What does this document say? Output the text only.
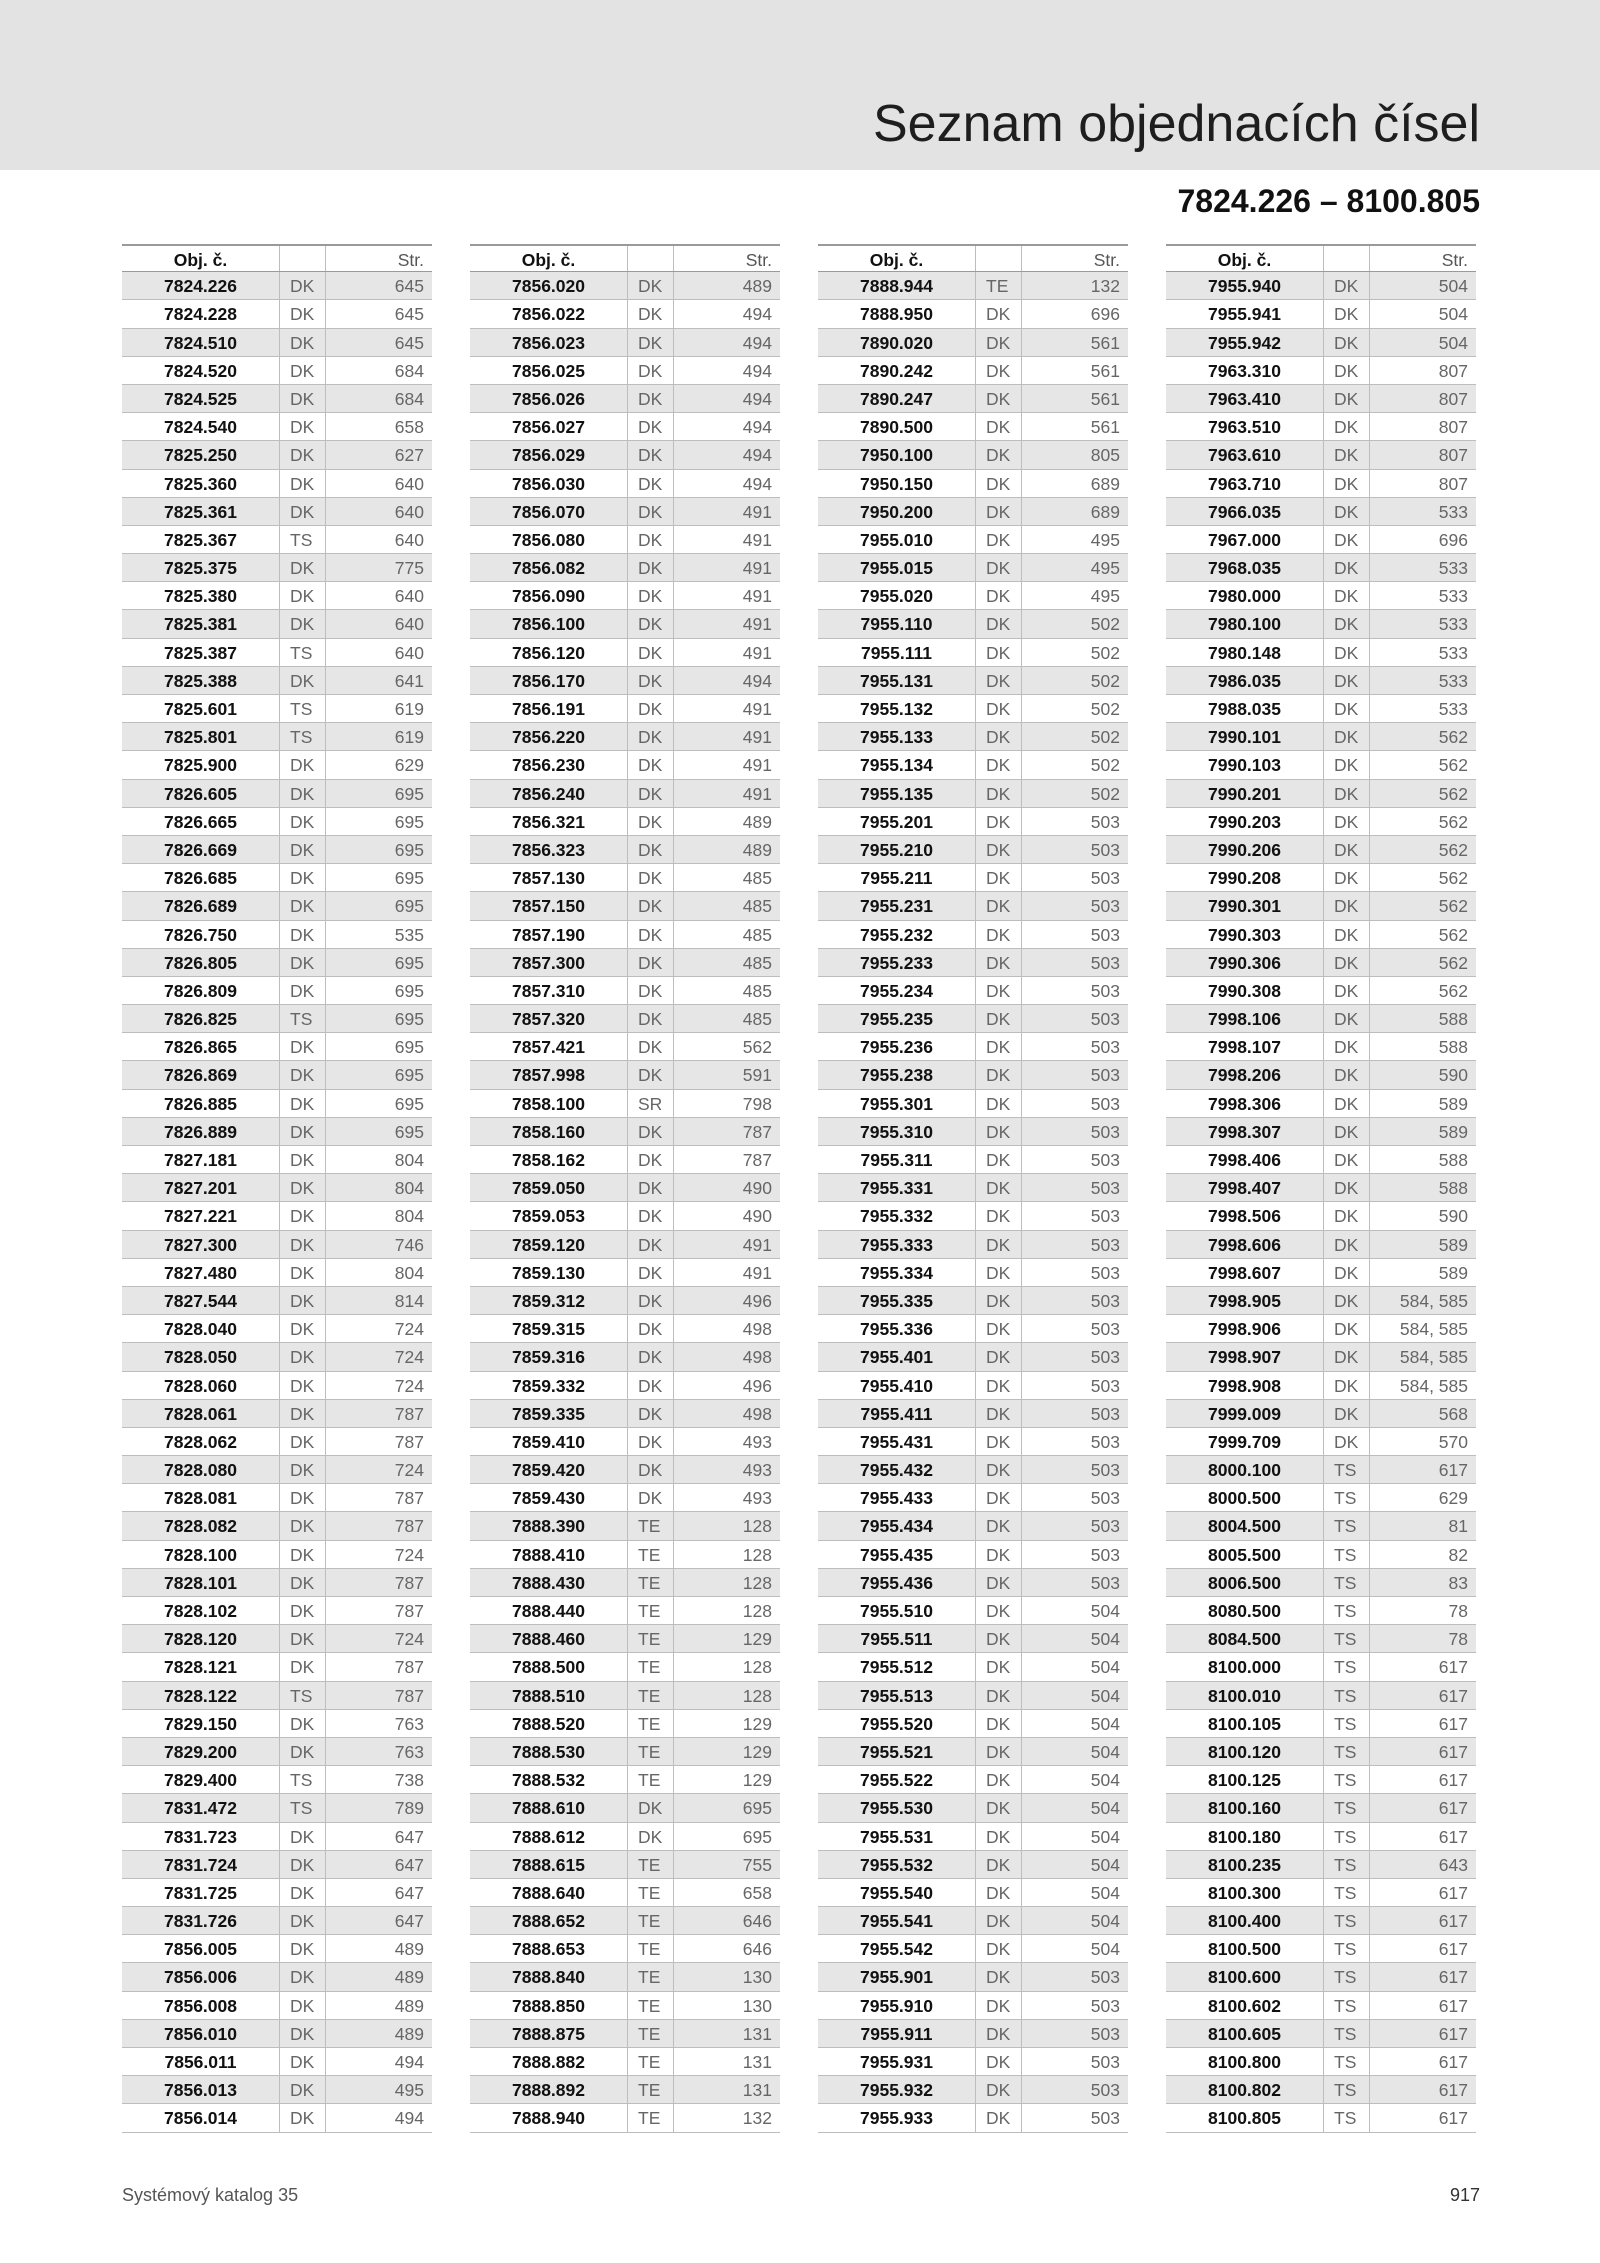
Seznam objednacích čísel
7824.226 – 8100.805
Obj. č.	Str.
7824.226	DK	645
7824.228	DK	645
7824.510	DK	645
7824.520	DK	684
7824.525	DK	684
7824.540	DK	658
7825.250	DK	627
7825.360	DK	640
7825.361	DK	640
7825.367	TS	640
7825.375	DK	775
7825.380	DK	640
7825.381	DK	640
7825.387	TS	640
7825.388	DK	641
7825.601	TS	619
7825.801	TS	619
7825.900	DK	629
7826.605	DK	695
7826.665	DK	695
7826.669	DK	695
7826.685	DK	695
7826.689	DK	695
7826.750	DK	535
7826.805	DK	695
7826.809	DK	695
7826.825	TS	695
7826.865	DK	695
7826.869	DK	695
7826.885	DK	695
7826.889	DK	695
7827.181	DK	804
7827.201	DK	804
7827.221	DK	804
7827.300	DK	746
7827.480	DK	804
7827.544	DK	814
7828.040	DK	724
7828.050	DK	724
7828.060	DK	724
7828.061	DK	787
7828.062	DK	787
7828.080	DK	724
7828.081	DK	787
7828.082	DK	787
7828.100	DK	724
7828.101	DK	787
7828.102	DK	787
7828.120	DK	724
7828.121	DK	787
7828.122	TS	787
7829.150	DK	763
7829.200	DK	763
7829.400	TS	738
7831.472	TS	789
7831.723	DK	647
7831.724	DK	647
7831.725	DK	647
7831.726	DK	647
7856.005	DK	489
7856.006	DK	489
7856.008	DK	489
7856.010	DK	489
7856.011	DK	494
7856.013	DK	495
7856.014	DK	494
Obj. č.	Str.
7856.020	DK	489
7856.022	DK	494
7856.023	DK	494
7856.025	DK	494
7856.026	DK	494
7856.027	DK	494
7856.029	DK	494
7856.030	DK	494
7856.070	DK	491
7856.080	DK	491
7856.082	DK	491
7856.090	DK	491
7856.100	DK	491
7856.120	DK	491
7856.170	DK	494
7856.191	DK	491
7856.220	DK	491
7856.230	DK	491
7856.240	DK	491
7856.321	DK	489
7856.323	DK	489
7857.130	DK	485
7857.150	DK	485
7857.190	DK	485
7857.300	DK	485
7857.310	DK	485
7857.320	DK	485
7857.421	DK	562
7857.998	DK	591
7858.100	SR	798
7858.160	DK	787
7858.162	DK	787
7859.050	DK	490
7859.053	DK	490
7859.120	DK	491
7859.130	DK	491
7859.312	DK	496
7859.315	DK	498
7859.316	DK	498
7859.332	DK	496
7859.335	DK	498
7859.410	DK	493
7859.420	DK	493
7859.430	DK	493
7888.390	TE	128
7888.410	TE	128
7888.430	TE	128
7888.440	TE	128
7888.460	TE	129
7888.500	TE	128
7888.510	TE	128
7888.520	TE	129
7888.530	TE	129
7888.532	TE	129
7888.610	DK	695
7888.612	DK	695
7888.615	TE	755
7888.640	TE	658
7888.652	TE	646
7888.653	TE	646
7888.840	TE	130
7888.850	TE	130
7888.875	TE	131
7888.882	TE	131
7888.892	TE	131
7888.940	TE	132
Obj. č.	Str.
7888.944	TE	132
7888.950	DK	696
7890.020	DK	561
7890.242	DK	561
7890.247	DK	561
7890.500	DK	561
7950.100	DK	805
7950.150	DK	689
7950.200	DK	689
7955.010	DK	495
7955.015	DK	495
7955.020	DK	495
7955.110	DK	502
7955.111	DK	502
7955.131	DK	502
7955.132	DK	502
7955.133	DK	502
7955.134	DK	502
7955.135	DK	502
7955.201	DK	503
7955.210	DK	503
7955.211	DK	503
7955.231	DK	503
7955.232	DK	503
7955.233	DK	503
7955.234	DK	503
7955.235	DK	503
7955.236	DK	503
7955.238	DK	503
7955.301	DK	503
7955.310	DK	503
7955.311	DK	503
7955.331	DK	503
7955.332	DK	503
7955.333	DK	503
7955.334	DK	503
7955.335	DK	503
7955.336	DK	503
7955.401	DK	503
7955.410	DK	503
7955.411	DK	503
7955.431	DK	503
7955.432	DK	503
7955.433	DK	503
7955.434	DK	503
7955.435	DK	503
7955.436	DK	503
7955.510	DK	504
7955.511	DK	504
7955.512	DK	504
7955.513	DK	504
7955.520	DK	504
7955.521	DK	504
7955.522	DK	504
7955.530	DK	504
7955.531	DK	504
7955.532	DK	504
7955.540	DK	504
7955.541	DK	504
7955.542	DK	504
7955.901	DK	503
7955.910	DK	503
7955.911	DK	503
7955.931	DK	503
7955.932	DK	503
7955.933	DK	503
Obj. č.	Str.
7955.940	DK	504
7955.941	DK	504
7955.942	DK	504
7963.310	DK	807
7963.410	DK	807
7963.510	DK	807
7963.610	DK	807
7963.710	DK	807
7966.035	DK	533
7967.000	DK	696
7968.035	DK	533
7980.000	DK	533
7980.100	DK	533
7980.148	DK	533
7986.035	DK	533
7988.035	DK	533
7990.101	DK	562
7990.103	DK	562
7990.201	DK	562
7990.203	DK	562
7990.206	DK	562
7990.208	DK	562
7990.301	DK	562
7990.303	DK	562
7990.306	DK	562
7990.308	DK	562
7998.106	DK	588
7998.107	DK	588
7998.206	DK	590
7998.306	DK	589
7998.307	DK	589
7998.406	DK	588
7998.407	DK	588
7998.506	DK	590
7998.606	DK	589
7998.607	DK	589
7998.905	DK	584, 585
7998.906	DK	584, 585
7998.907	DK	584, 585
7998.908	DK	584, 585
7999.009	DK	568
7999.709	DK	570
8000.100	TS	617
8000.500	TS	629
8004.500	TS	81
8005.500	TS	82
8006.500	TS	83
8080.500	TS	78
8084.500	TS	78
8100.000	TS	617
8100.010	TS	617
8100.105	TS	617
8100.120	TS	617
8100.125	TS	617
8100.160	TS	617
8100.180	TS	617
8100.235	TS	643
8100.300	TS	617
8100.400	TS	617
8100.500	TS	617
8100.600	TS	617
8100.602	TS	617
8100.605	TS	617
8100.800	TS	617
8100.802	TS	617
8100.805	TS	617
Systémový katalog 35	917
